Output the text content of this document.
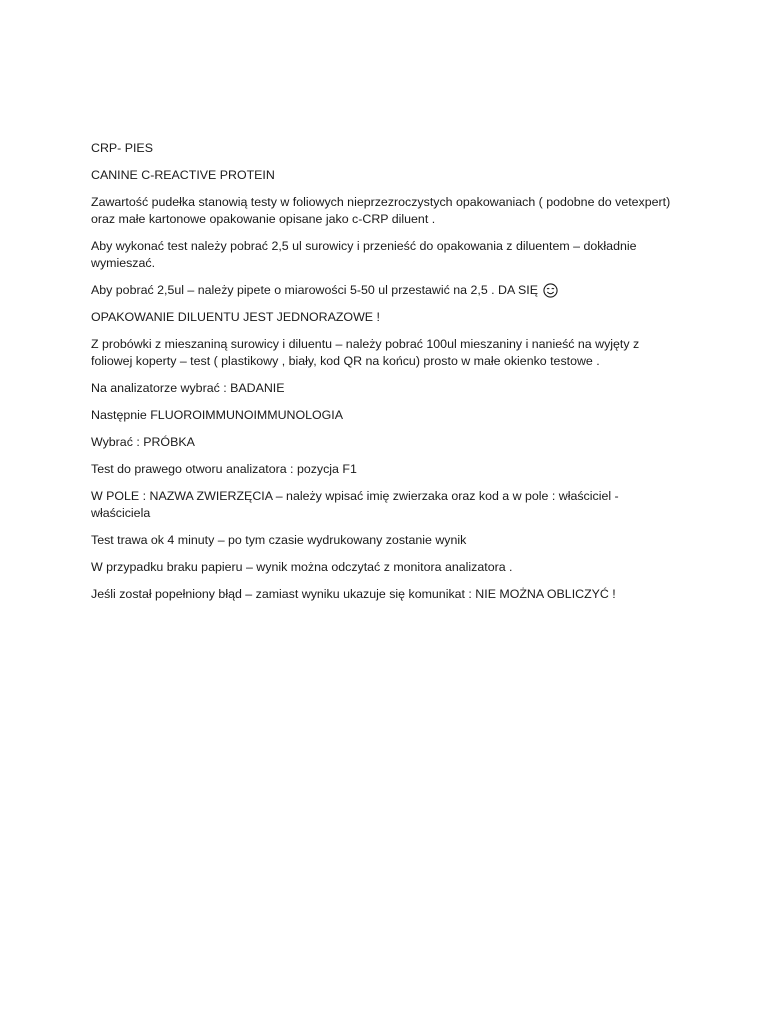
CRP- PIES

CANINE C-REACTIVE PROTEIN

Zawartość pudełka stanowią testy w foliowych nieprzezroczystych opakowaniach ( podobne do vetexpert) oraz małe kartonowe opakowanie opisane jako c-CRP diluent .

Aby wykonać test należy pobrać 2,5 ul surowicy i przenieść do opakowania z diluentem – dokładnie wymieszać.

Aby pobrać 2,5ul – należy pipete o miarowości 5-50 ul przestawić na 2,5 . DA SIĘ

OPAKOWANIE DILUENTU JEST JEDNORAZOWE !

Z probówki z mieszaniną surowicy i diluentu – należy pobrać 100ul mieszaniny i nanieść na wyjęty z foliowej koperty – test ( plastikowy , biały, kod QR na końcu) prosto w małe okienko testowe .

Na analizatorze wybrać : BADANIE

Następnie FLUOROIMMUNOIMMUNOLOGIA

Wybrać : PRÓBKA

Test do prawego otworu analizatora : pozycja F1

W POLE : NAZWA ZWIERZĘCIA – należy wpisać imię zwierzaka oraz kod a w pole : właściciel - właściciela

Test trawa ok 4 minuty – po tym czasie wydrukowany zostanie wynik

W przypadku braku papieru – wynik można odczytać z monitora analizatora .

Jeśli został popełniony błąd – zamiast wyniku ukazuje się komunikat : NIE MOŻNA OBLICZYĆ !
